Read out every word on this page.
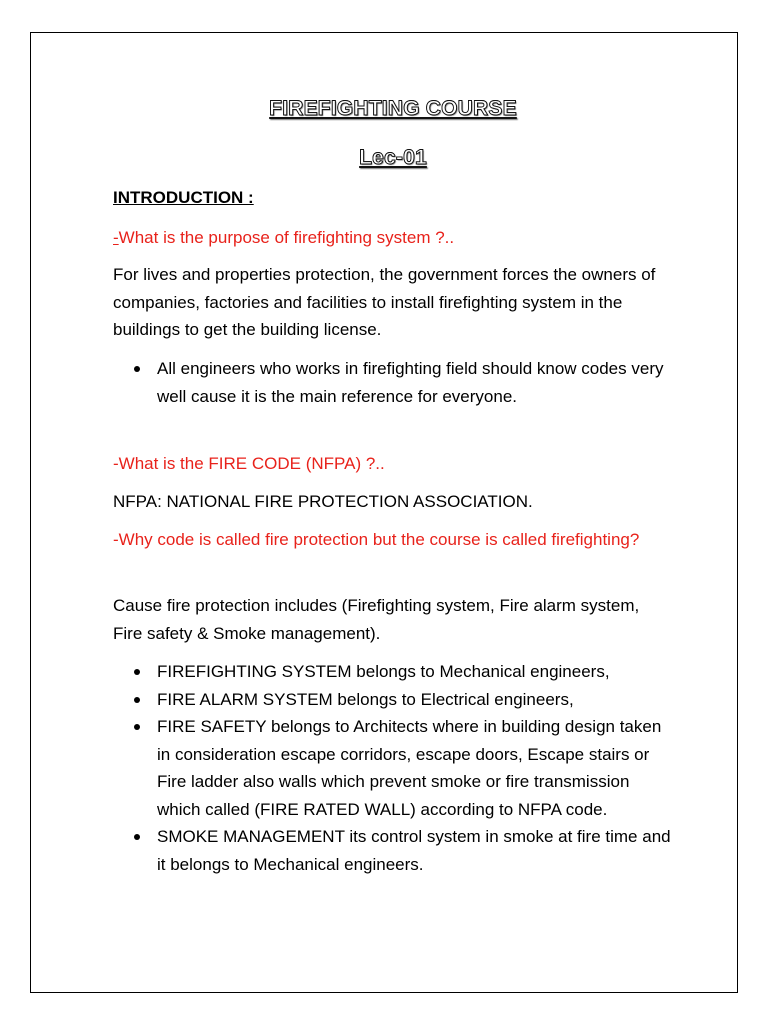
FIREFIGHTING COURSE
Lec-01
INTRODUCTION :
-What is the purpose of firefighting system ?..
For lives and properties protection, the government forces the owners of companies, factories and facilities to install firefighting system in the buildings to get the building license.
All engineers who works in firefighting field should know codes very well cause it is the main reference for everyone.
-What is the FIRE CODE (NFPA) ?..
NFPA: NATIONAL FIRE PROTECTION ASSOCIATION.
-Why code is called fire protection but the course is called firefighting?
Cause fire protection includes (Firefighting system, Fire alarm system, Fire safety & Smoke management).
FIREFIGHTING SYSTEM belongs to Mechanical engineers,
FIRE ALARM SYSTEM belongs to Electrical engineers,
FIRE SAFETY belongs to Architects where in building design taken in consideration escape corridors, escape doors, Escape stairs or Fire ladder also walls which prevent smoke or fire transmission which called (FIRE RATED WALL) according to NFPA code.
SMOKE MANAGEMENT its control system in smoke at fire time and it belongs to Mechanical engineers.
